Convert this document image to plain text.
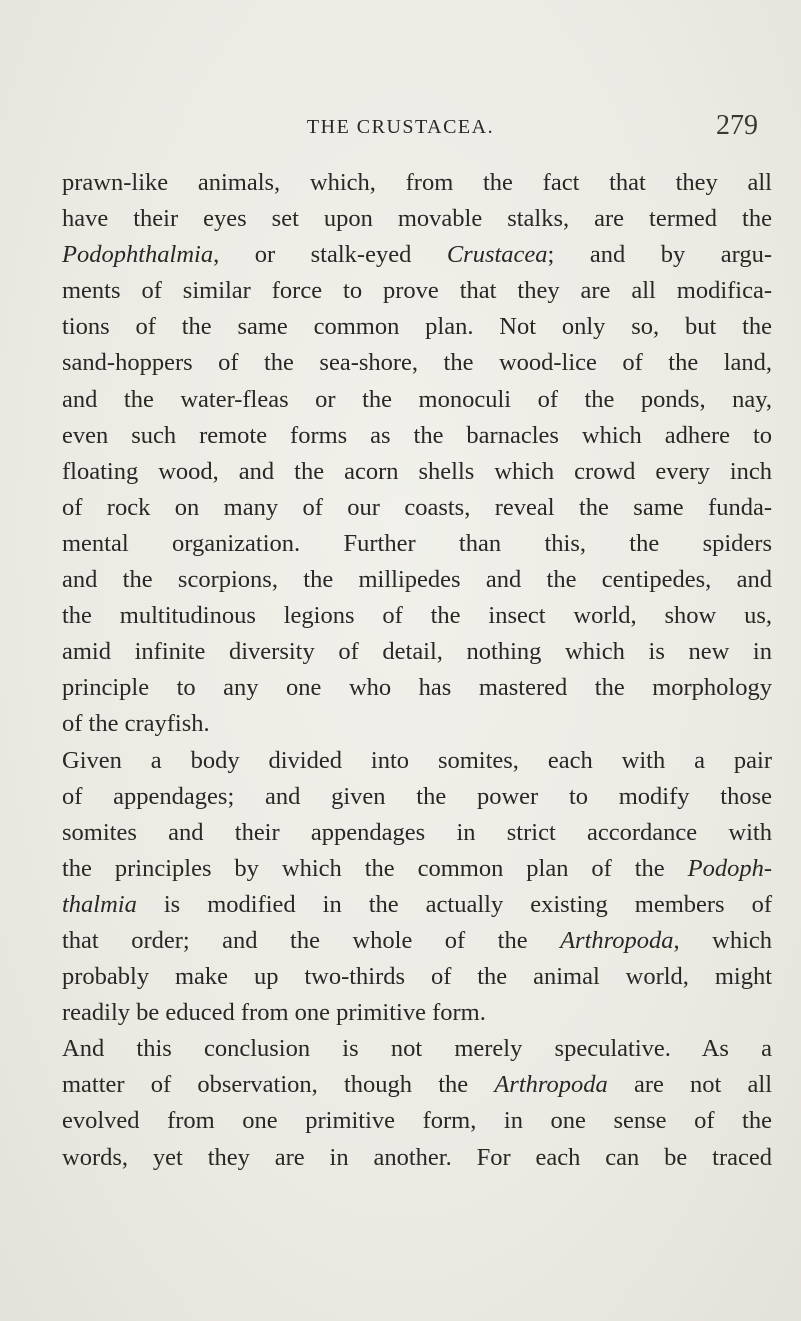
THE CRUSTACEA.	279
prawn-like animals, which, from the fact that they all
have their eyes set upon movable stalks, are termed the
Podophthalmia, or stalk-eyed Crustacea; and by argu-
ments of similar force to prove that they are all modifica-
tions of the same common plan. Not only so, but the
sand-hoppers of the sea-shore, the wood-lice of the land,
and the water-fleas or the monoculi of the ponds, nay,
even such remote forms as the barnacles which adhere to
floating wood, and the acorn shells which crowd every inch
of rock on many of our coasts, reveal the same funda-
mental organization. Further than this, the spiders
and the scorpions, the millipedes and the centipedes, and
the multitudinous legions of the insect world, show us,
amid infinite diversity of detail, nothing which is new in
principle to any one who has mastered the morphology
of the crayfish.
Given a body divided into somites, each with a pair
of appendages; and given the power to modify those
somites and their appendages in strict accordance with
the principles by which the common plan of the Podoph-
thalmia is modified in the actually existing members of
that order; and the whole of the Arthropoda, which
probably make up two-thirds of the animal world, might
readily be educed from one primitive form.
And this conclusion is not merely speculative. As a
matter of observation, though the Arthropoda are not all
evolved from one primitive form, in one sense of the
words, yet they are in another. For each can be traced
